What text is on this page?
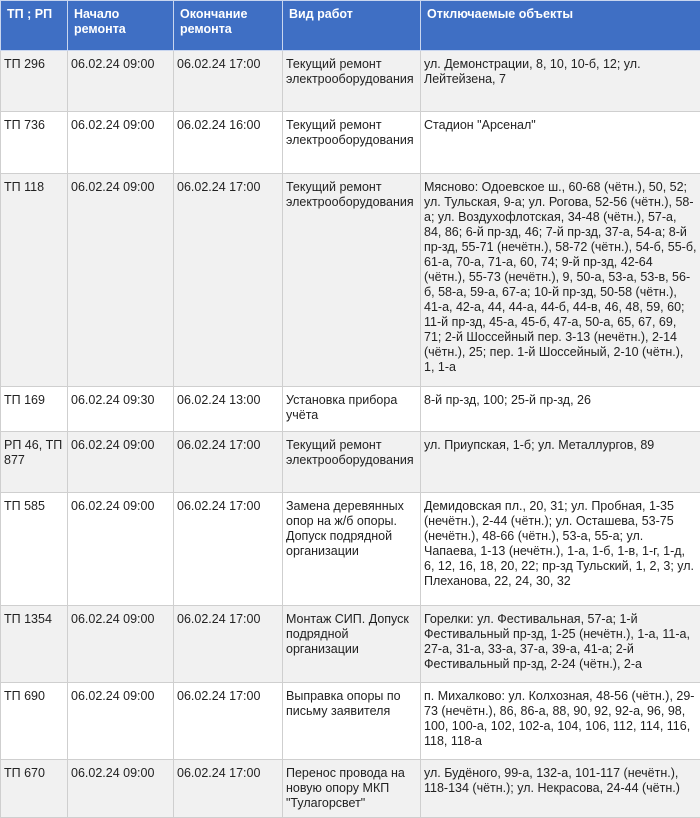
ТП ; РП	Начало ремонта	Окончание ремонта	Вид работ	Отключаемые объекты
ТП 296	06.02.24 09:00	06.02.24 17:00	Текущий ремонт электрооборудования	ул. Демонстрации, 8, 10, 10-б, 12; ул. Лейтейзена, 7
ТП 736	06.02.24 09:00	06.02.24 16:00	Текущий ремонт электрооборудования	Стадион "Арсенал"
ТП 118	06.02.24 09:00	06.02.24 17:00	Текущий ремонт электрооборудования	Мясново: Одоевское ш., 60-68 (чётн.), 50, 52; ул. Тульская, 9-а; ул. Рогова, 52-56 (чётн.), 58-а; ул. Воздухофлотская, 34-48 (чётн.), 57-а, 84, 86; 6-й пр-зд, 46; 7-й пр-зд, 37-а, 54-а; 8-й пр-зд, 55-71 (нечётн.), 58-72 (чётн.), 54-б, 55-б, 61-а, 70-а, 71-а, 60, 74; 9-й пр-зд, 42-64 (чётн.), 55-73 (нечётн.), 9, 50-а, 53-а, 53-в, 56-б, 58-а, 59-а, 67-а; 10-й пр-зд, 50-58 (чётн.), 41-а, 42-а, 44, 44-а, 44-б, 44-в, 46, 48, 59, 60; 11-й пр-зд, 45-а, 45-б, 47-а, 50-а, 65, 67, 69, 71; 2-й Шоссейный пер. 3-13 (нечётн.), 2-14 (чётн.), 25; пер. 1-й Шоссейный, 2-10 (чётн.), 1, 1-а
ТП 169	06.02.24 09:30	06.02.24 13:00	Установка прибора учёта	8-й пр-зд, 100; 25-й пр-зд, 26
РП 46, ТП 877	06.02.24 09:00	06.02.24 17:00	Текущий ремонт электрооборудования	ул. Приупская, 1-б; ул. Металлургов, 89
ТП 585	06.02.24 09:00	06.02.24 17:00	Замена деревянных опор на ж/б опоры. Допуск подрядной организации	Демидовская пл., 20, 31; ул. Пробная, 1-35 (нечётн.), 2-44 (чётн.); ул. Осташева, 53-75 (нечётн.), 48-66 (чётн.), 53-а, 55-а; ул. Чапаева, 1-13 (нечётн.), 1-а, 1-б, 1-в, 1-г, 1-д, 6, 12, 16, 18, 20, 22; пр-зд Тульский, 1, 2, 3; ул. Плеханова, 22, 24, 30, 32
ТП 1354	06.02.24 09:00	06.02.24 17:00	Монтаж СИП. Допуск подрядной организации	Горелки: ул. Фестивальная, 57-а; 1-й Фестивальный пр-зд, 1-25 (нечётн.), 1-а, 11-а, 27-а, 31-а, 33-а, 37-а, 39-а, 41-а; 2-й Фестивальный пр-зд, 2-24 (чётн.), 2-а
ТП 690	06.02.24 09:00	06.02.24 17:00	Выправка опоры по письму заявителя	п. Михалково: ул. Колхозная, 48-56 (чётн.), 29-73 (нечётн.), 86, 86-а, 88, 90, 92, 92-а, 96, 98, 100, 100-а, 102, 102-а, 104, 106, 112, 114, 116, 118, 118-а
ТП 670	06.02.24 09:00	06.02.24 17:00	Перенос провода на новую опору МКП "Тулагорсвет"	ул. Будёного, 99-а, 132-а, 101-117 (нечётн.), 118-134 (чётн.); ул. Некрасова, 24-44 (чётн.)
